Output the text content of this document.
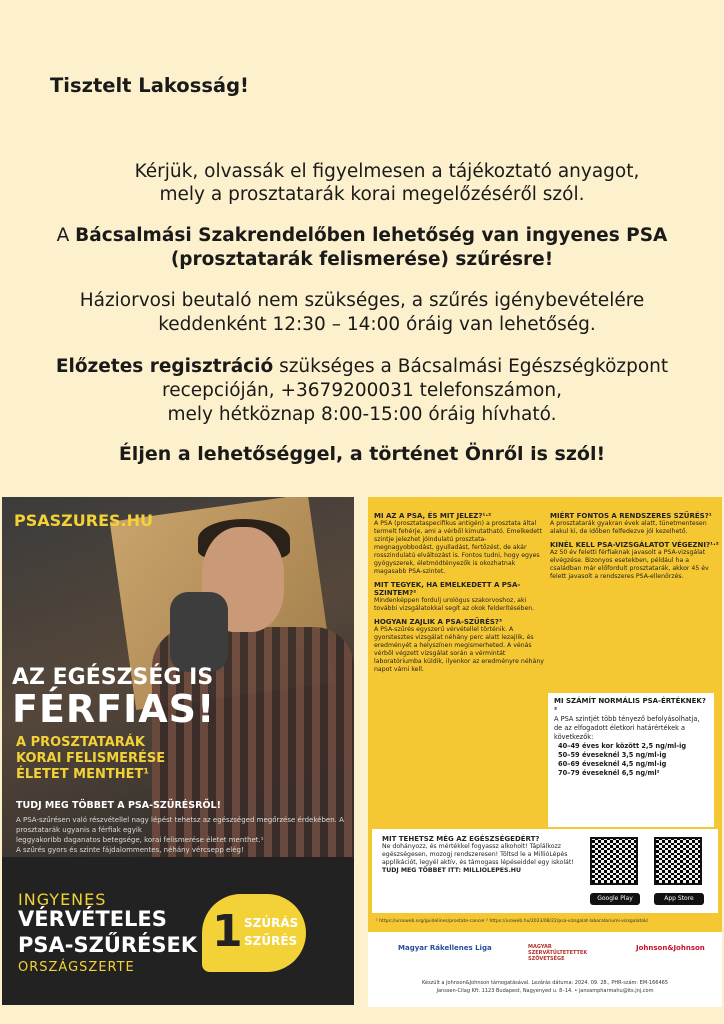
Tisztelt Lakosság!
Kérjük, olvassák el figyelmesen a tájékoztató anyagot,
mely a prosztatarák korai megelőzéséről szól.
A Bácsalmási Szakrendelőben lehetőség van ingyenes PSA
(prosztatarák felismerése) szűrésre!
Háziorvosi beutaló nem szükséges, a szűrés igénybevételére
keddenként 12:30 – 14:00 óráig van lehetőség.
Előzetes regisztráció szükséges a Bácsalmási Egészségközpont
recepcióján, +3679200031 telefonszámon,
mely hétköznap 8:00-15:00 óráig hívható.
Éljen a lehetőséggel, a történet Önről is szól!
PSASZURES.HU
AZ EGÉSZSÉG IS
FÉRFIAS!
A PROSZTATARÁK
KORAI FELISMERÉSE
ÉLETET MENTHET¹
TUDJ MEG TÖBBET A PSA-SZŰRÉSRŐL!
A PSA-szűrésen való részvétellel nagy lépést tehetsz az egészséged megőrzése érdekében. A prosztatarák ugyanis a férfiak egyik
leggyakoribb daganatos betegsége, korai felismerése életet menthet.¹
A szűrés gyors és szinte fájdalommentes, néhány vércsepp elég!
INGYENES
VÉRVÉTELES
PSA-SZŰRÉSEK
ORSZÁGSZERTE
1 SZÚRÁS
SZŰRÉS
MI AZ A PSA, ÉS MIT JELEZ?¹·²
A PSA (prosztataspecifikus antigén) a prosztata által termelt fehérje, ami a vérből kimutatható. Emelkedett szintje jelezhet jóindulatú prosztata-megnagyobbodást, gyulladást, fertőzést, de akár rosszindulatú elváltozást is. Fontos tudni, hogy egyes gyógyszerek, életmódtényezők is okozhatnak magasabb PSA-szintet.
MIT TEGYEK, HA EMELKEDETT A PSA-SZINTEM?²
Mindenképpen fordulj urológus szakorvoshoz, aki további vizsgálatokkal segít az okok felderítésében.
HOGYAN ZAJLIK A PSA-SZŰRÉS?³
A PSA-szűrés egyszerű vérvétellel történik. A gyorstesztes vizsgálat néhány perc alatt lezajlik, és eredményét a helyszínen megismerheted. A vénás vérből végzett vizsgálat során a vérmintát laboratóriumba küldik, ilyenkor az eredményre néhány napot várni kell.
MIÉRT FONTOS A RENDSZERES SZŰRÉS?¹
A prosztatarák gyakran évek alatt, tünetmentesen alakul ki, de időben felfedezve jól kezelhető.
KINÉL KELL PSA-VIZSGÁLATOT VÉGEZNI?¹·²
Az 50 év feletti férfiaknak javasolt a PSA-vizsgálat elvégzése. Bizonyos esetekben, például ha a családban már előfordult prosztatarák, akkor 45 év felett javasolt a rendszeres PSA-ellenőrzés.
MI SZÁMÍT NORMÁLIS PSA-ÉRTÉKNEK?²
A PSA szintjét több tényező befolyásolhatja, de az elfogadott életkori határértékek a következők:
40–49 éves kor között 2,5 ng/ml-ig
50–59 éveseknél 3,5 ng/ml-ig
60–69 éveseknél 4,5 ng/ml-ig
70–79 éveseknél 6,5 ng/ml²
MIT TEHETSZ MÉG AZ EGÉSZSÉGEDÉRT?
Ne dohányozz, és mértékkel fogyassz alkoholt! Táplálkozz egészségesen, mozogj rendszeresen! Töltsd le a MillióLépés applikációt, legyél aktív, és támogass lépéseiddel egy iskolát!
TUDJ MEG TÖBBET ITT: MILLIOLEPES.HU
Google Play	App Store
¹ https://urosweb.org/guidelines/prostate-cancer ² https://uroweb.hu/2023/08/22/psa-vizsgalat-laboratoriumi-vizsgalatok/
Magyar Rákellenes Liga	MAGYAR SZERVÁTÜLTETETTEK SZÖVETSÉGE
Johnson&Johnson
Készült a Johnson&Johnson támogatásával. Lezárás dátuma: 2024. 09. 28., PHR-szám: EM-166465
Janssen-Cilag Kft. 1123 Budapest, Nagyenyed u. 8–14. • jansampharmahu@its.jnj.com
